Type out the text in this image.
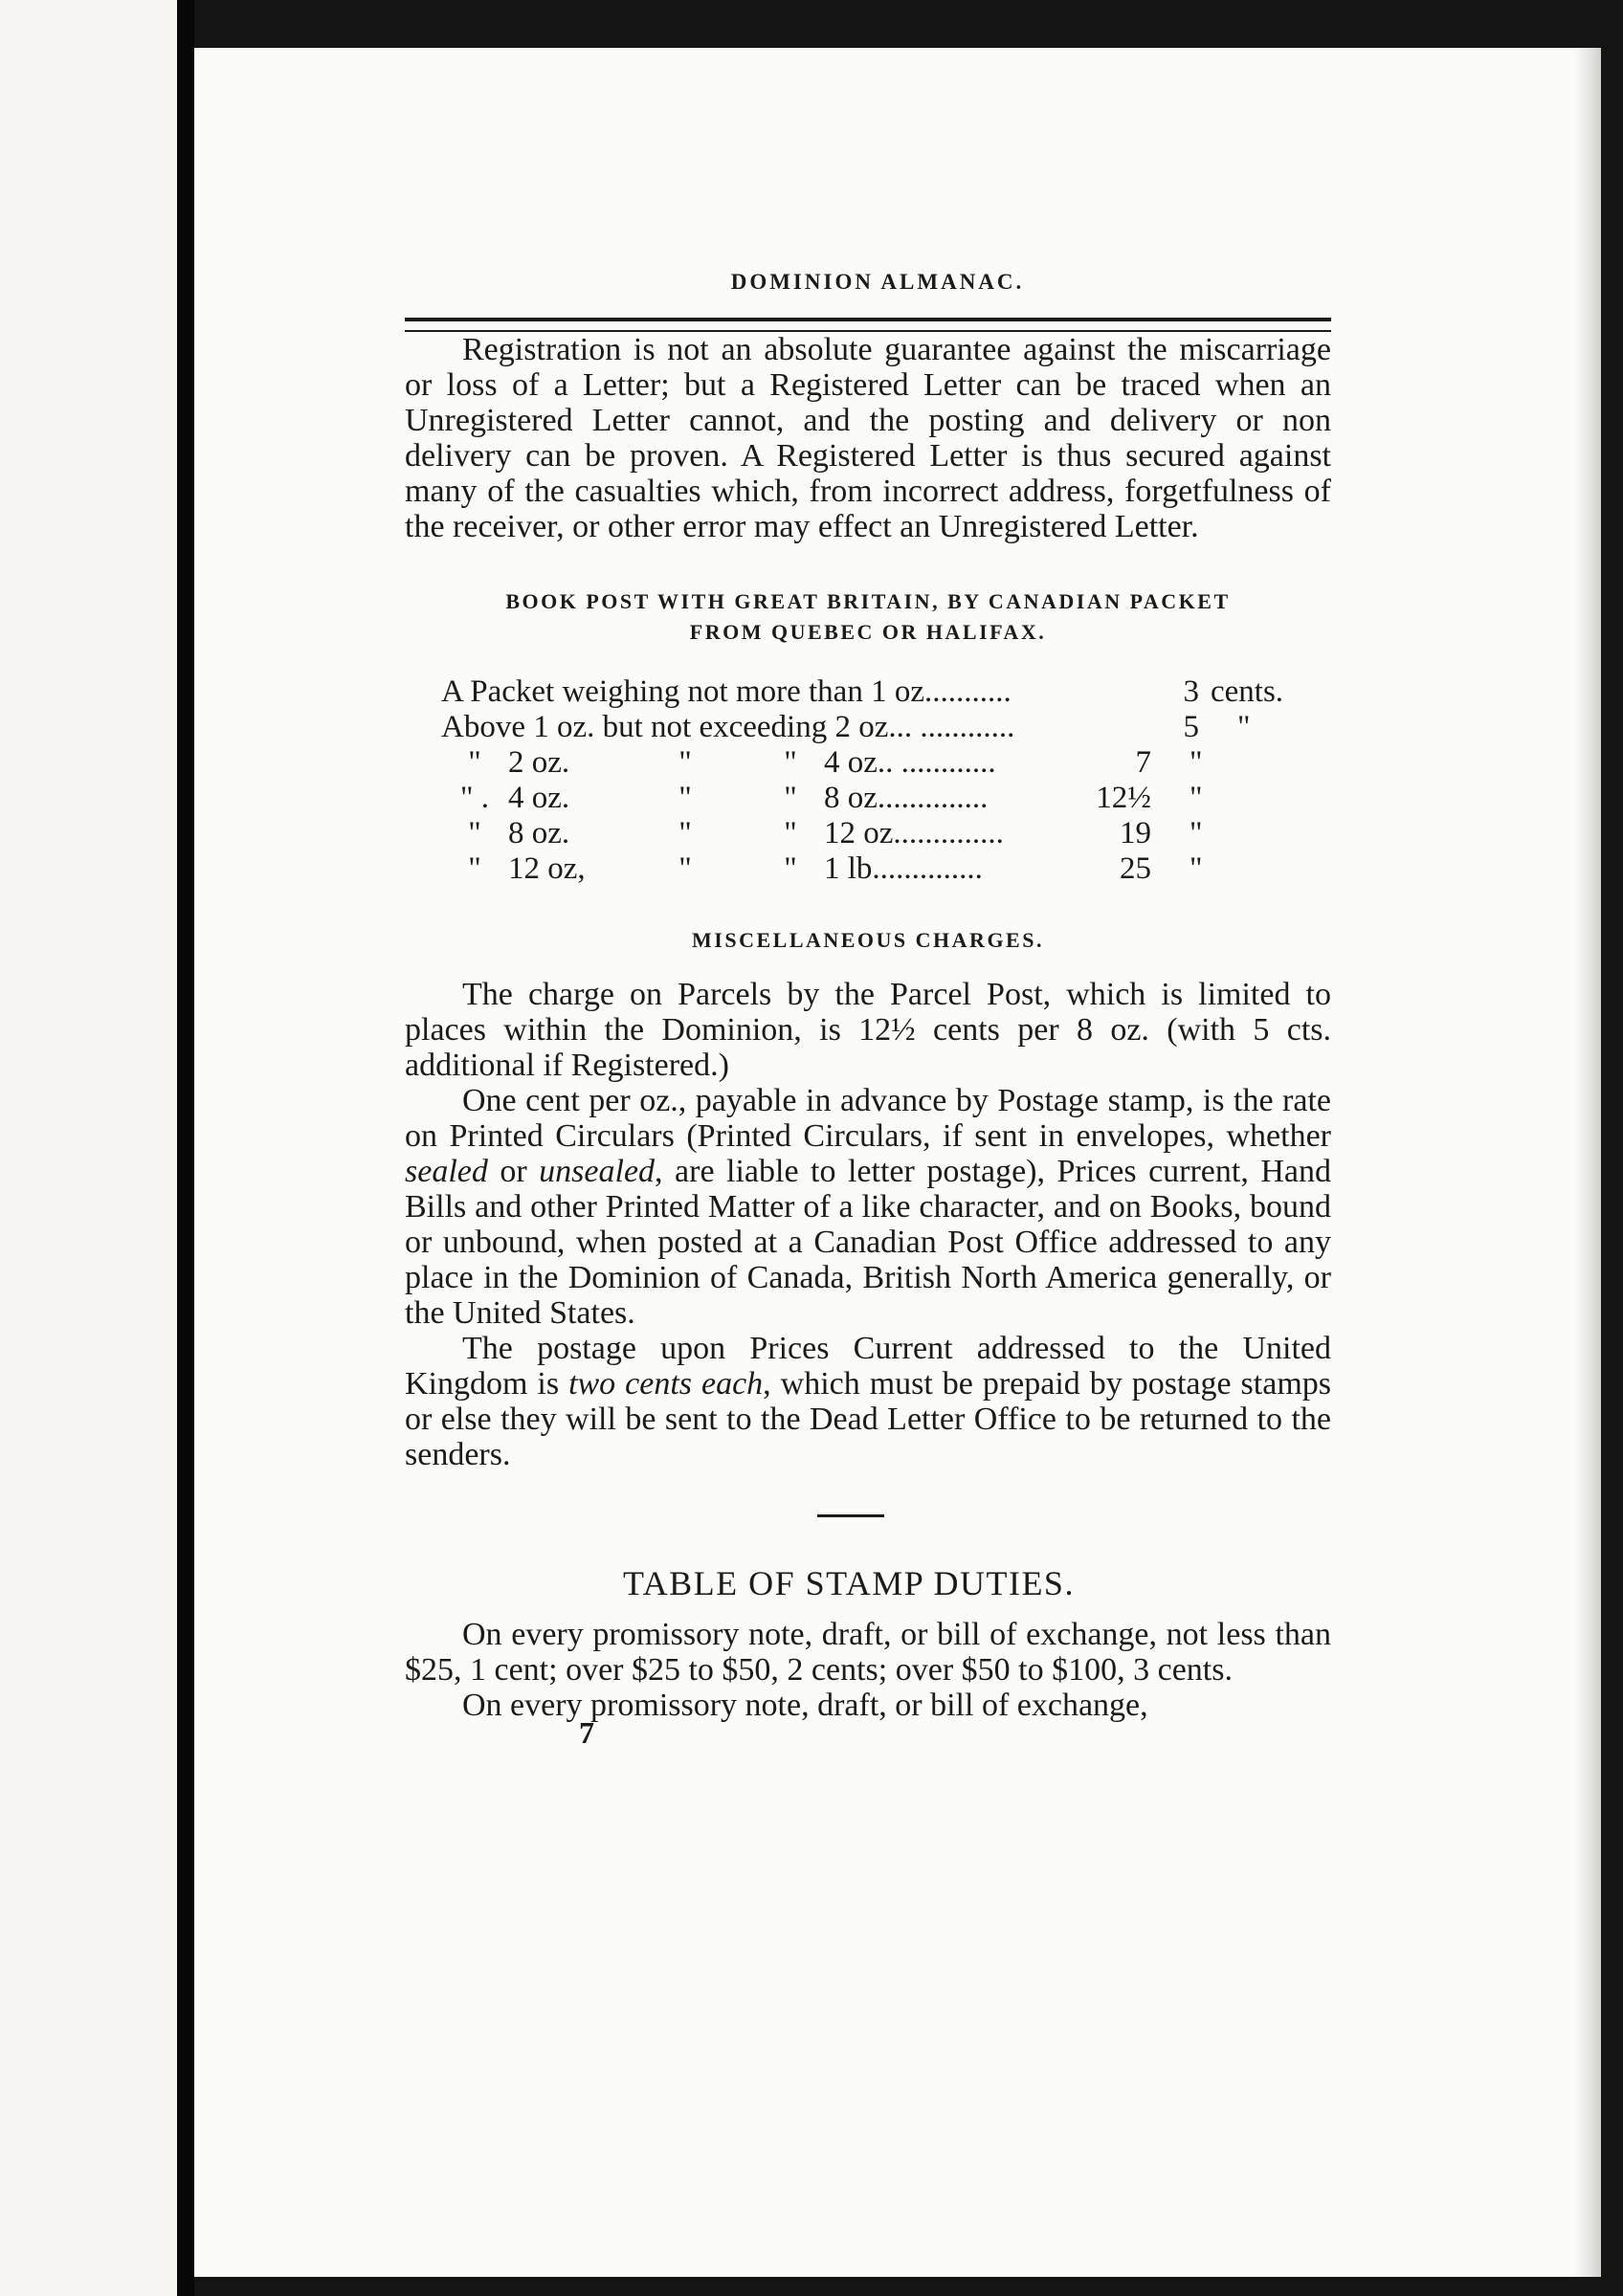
DOMINION ALMANAC.

Registration is not an absolute guarantee against the miscarriage or loss of a Letter; but a Registered Letter can be traced when an Unregistered Letter cannot, and the posting and delivery or non delivery can be proven. A Registered Letter is thus secured against many of the casualties which, from incorrect address, forgetfulness of the receiver, or other error may effect an Unregistered Letter.

BOOK POST WITH GREAT BRITAIN, BY CANADIAN PACKET
FROM QUEBEC OR HALIFAX.
A Packet weighing not more than 1 oz...........	3 cents.
Above 1 oz. but not exceeding 2 oz... ............	5 "
" 2 oz.	"	" 4 oz.. ............	7 "
" . 4 oz.	"	" 8 oz..............	12½ "
" 8 oz.	"	" 12 oz..............	19 "
" 12 oz,	"	" 1 lb..............	25 "
MISCELLANEOUS CHARGES.

The charge on Parcels by the Parcel Post, which is limited to places within the Dominion, is 12½ cents per 8 oz. (with 5 cts. additional if Registered.)

One cent per oz., payable in advance by Postage stamp, is the rate on Printed Circulars (Printed Circulars, if sent in envelopes, whether sealed or unsealed, are liable to letter postage), Prices current, Hand Bills and other Printed Matter of a like character, and on Books, bound or unbound, when posted at a Canadian Post Office addressed to any place in the Dominion of Canada, British North America generally, or the United States.

The postage upon Prices Current addressed to the United Kingdom is two cents each, which must be prepaid by postage stamps or else they will be sent to the Dead Letter Office to be returned to the senders.

TABLE OF STAMP DUTIES.

On every promissory note, draft, or bill of exchange, not less than $25, 1 cent; over $25 to $50, 2 cents; over $50 to $100, 3 cents.

On every promissory note, draft, or bill of exchange,

7
